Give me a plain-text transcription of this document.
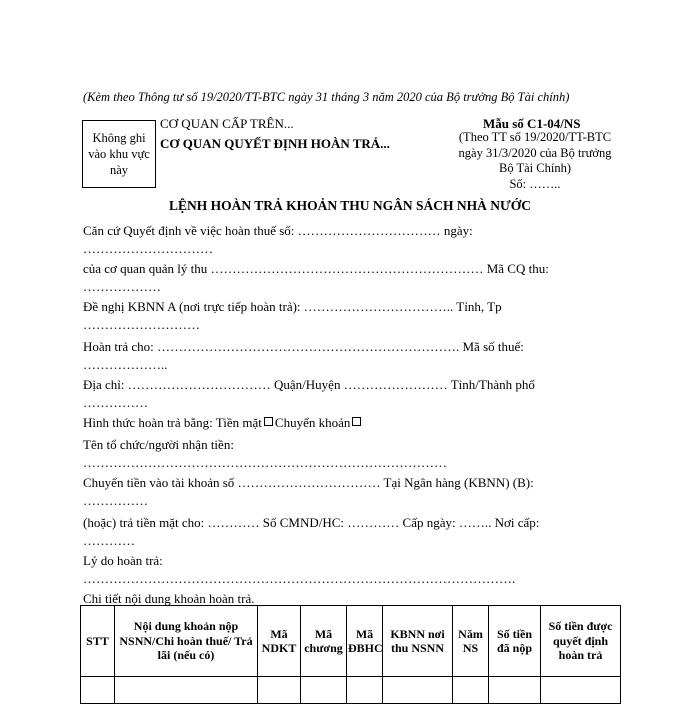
(Kèm theo Thông tư số 19/2020/TT-BTC ngày 31 tháng 3 năm 2020 của Bộ trưởng Bộ Tài chính)
Không ghi vào khu vực này
CƠ QUAN CẤP TRÊN...
CƠ QUAN QUYẾT ĐỊNH HOÀN TRẢ...
Mẫu số C1-04/NS
(Theo TT số 19/2020/TT-BTC
ngày 31/3/2020 của Bộ trưởng
Bộ Tài Chính)
Số: ……..
LỆNH HOÀN TRẢ KHOẢN THU NGÂN SÁCH NHÀ NƯỚC
Căn cứ Quyết định về việc hoàn thuế số: …………………………… ngày:
…………………………
của cơ quan quản lý thu ……………………………………………………… Mã CQ thu:
………………
Đề nghị KBNN A (nơi trực tiếp hoàn trả): …………………………….. Tỉnh, Tp
………………………
Hoàn trả cho: ……………………………………………………………. Mã số thuế:
………………..
Địa chỉ: …………………………… Quận/Huyện …………………… Tỉnh/Thành phố
……………
Hình thức hoàn trả bằng: Tiền mặt Chuyển khoản
Tên tổ chức/người nhận tiền:
…………………………………………………………………………
Chuyển tiền vào tài khoản số …………………………… Tại Ngân hàng (KBNN) (B):
……………
(hoặc) trả tiền mặt cho: ………… Số CMND/HC: ………… Cấp ngày: …….. Nơi cấp:
…………
Lý do hoàn trả:
……………………………………………………………………………………….
Chi tiết nội dung khoản hoàn trả.
STT	Nội dung khoản nộp NSNN/Chi hoàn thuế/ Trả lãi (nếu có)	Mã NDKT	Mã chương	Mã ĐBHC	KBNN nơi thu NSNN	Năm NS	Số tiền đã nộp	Số tiền được quyết định hoàn trả
